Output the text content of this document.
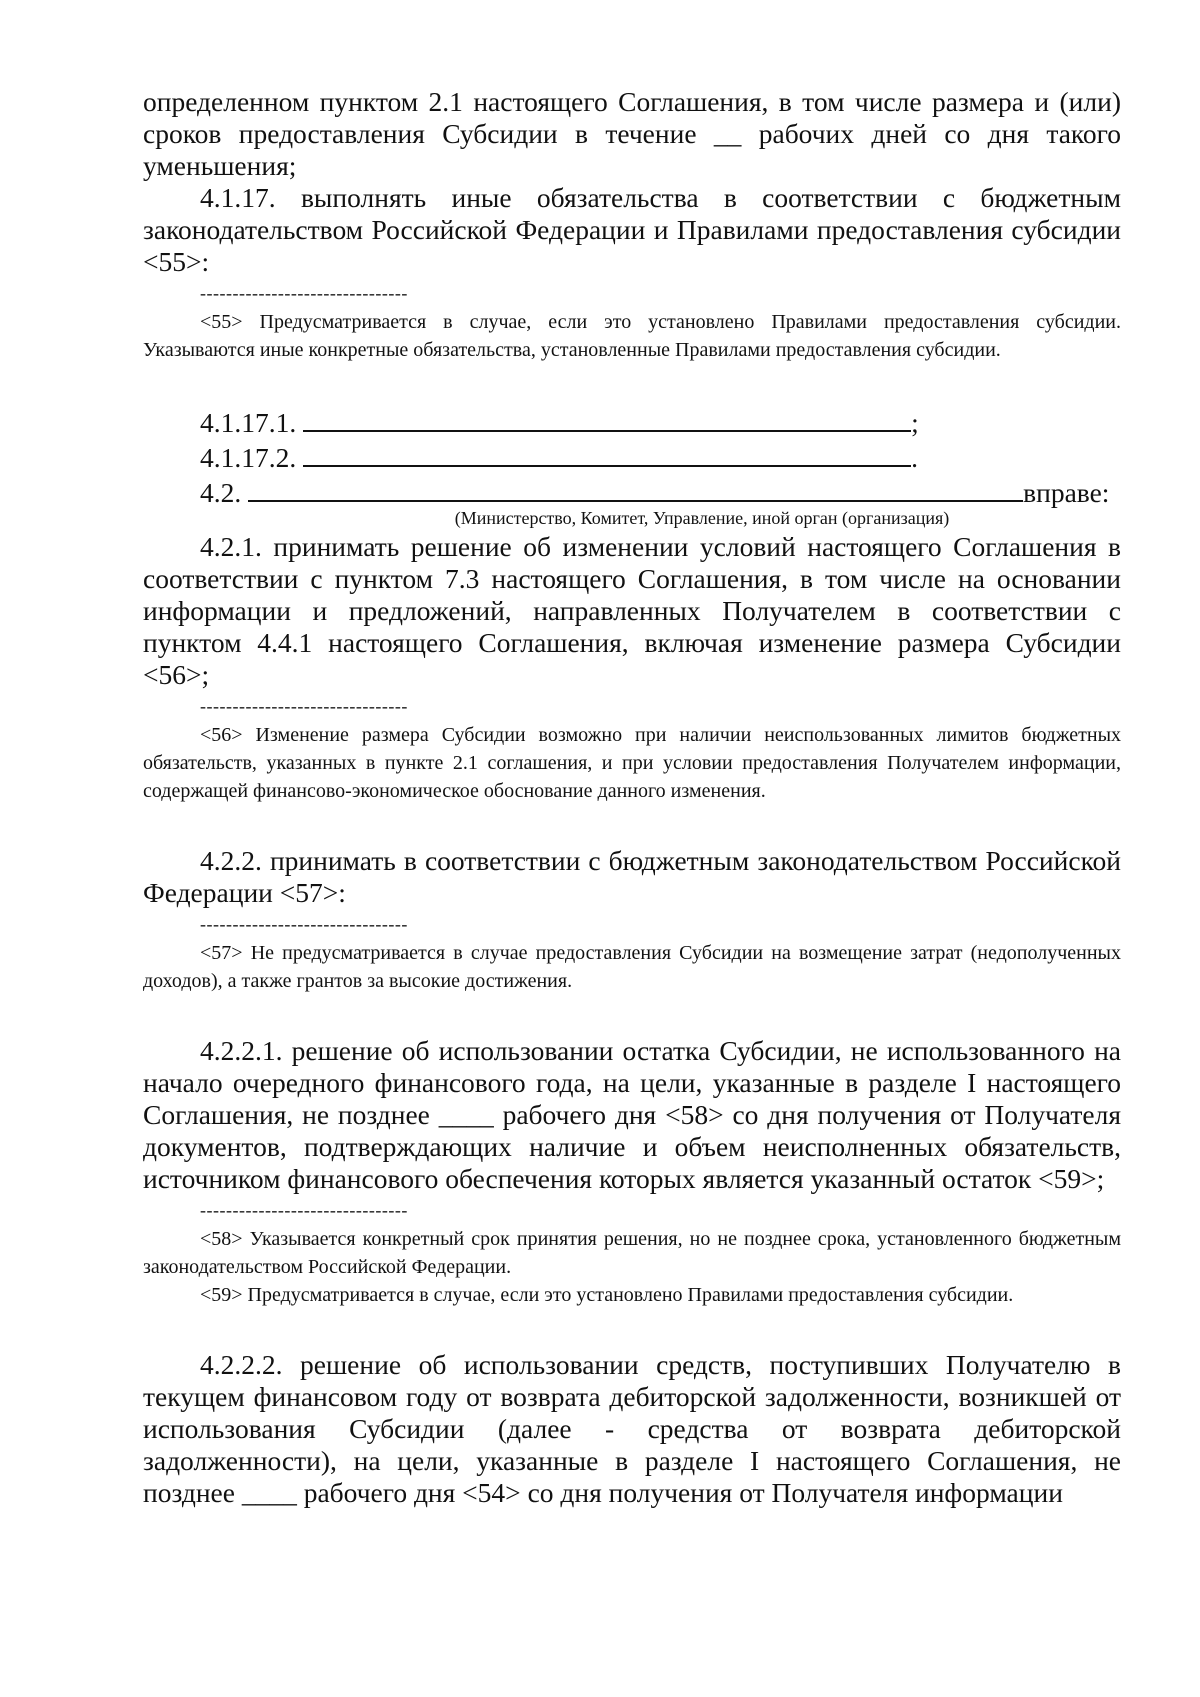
определенном пунктом 2.1 настоящего Соглашения, в том числе размера и (или) сроков предоставления Субсидии в течение __ рабочих дней со дня такого уменьшения;

4.1.17. выполнять иные обязательства в соответствии с бюджетным законодательством Российской Федерации и Правилами предоставления субсидии <55>:

--------------------------------

<55> Предусматривается в случае, если это установлено Правилами предоставления субсидии. Указываются иные конкретные обязательства, установленные Правилами предоставления субсидии.

4.1.17.1.	;
4.1.17.2.	.
4.2.	вправе:

(Министерство, Комитет, Управление, иной орган (организация)

4.2.1. принимать решение об изменении условий настоящего Соглашения в соответствии с пунктом 7.3 настоящего Соглашения, в том числе на основании информации и предложений, направленных Получателем в соответствии с пунктом 4.4.1 настоящего Соглашения, включая изменение размера Субсидии <56>;

--------------------------------

<56> Изменение размера Субсидии возможно при наличии неиспользованных лимитов бюджетных обязательств, указанных в пункте 2.1 соглашения, и при условии предоставления Получателем информации, содержащей финансово-экономическое обоснование данного изменения.

4.2.2. принимать в соответствии с бюджетным законодательством Российской Федерации <57>:

--------------------------------

<57> Не предусматривается в случае предоставления Субсидии на возмещение затрат (недополученных доходов), а также грантов за высокие достижения.

4.2.2.1. решение об использовании остатка Субсидии, не использованного на начало очередного финансового года, на цели, указанные в разделе I настоящего Соглашения, не позднее ____ рабочего дня <58> со дня получения от Получателя документов, подтверждающих наличие и объем неисполненных обязательств, источником финансового обеспечения которых является указанный остаток <59>;

--------------------------------

<58> Указывается конкретный срок принятия решения, но не позднее срока, установленного бюджетным законодательством Российской Федерации.

<59> Предусматривается в случае, если это установлено Правилами предоставления субсидии.

4.2.2.2. решение об использовании средств, поступивших Получателю в текущем финансовом году от возврата дебиторской задолженности, возникшей от использования Субсидии (далее - средства от возврата дебиторской задолженности), на цели, указанные в разделе I настоящего Соглашения, не позднее ____ рабочего дня <54> со дня получения от Получателя информации
